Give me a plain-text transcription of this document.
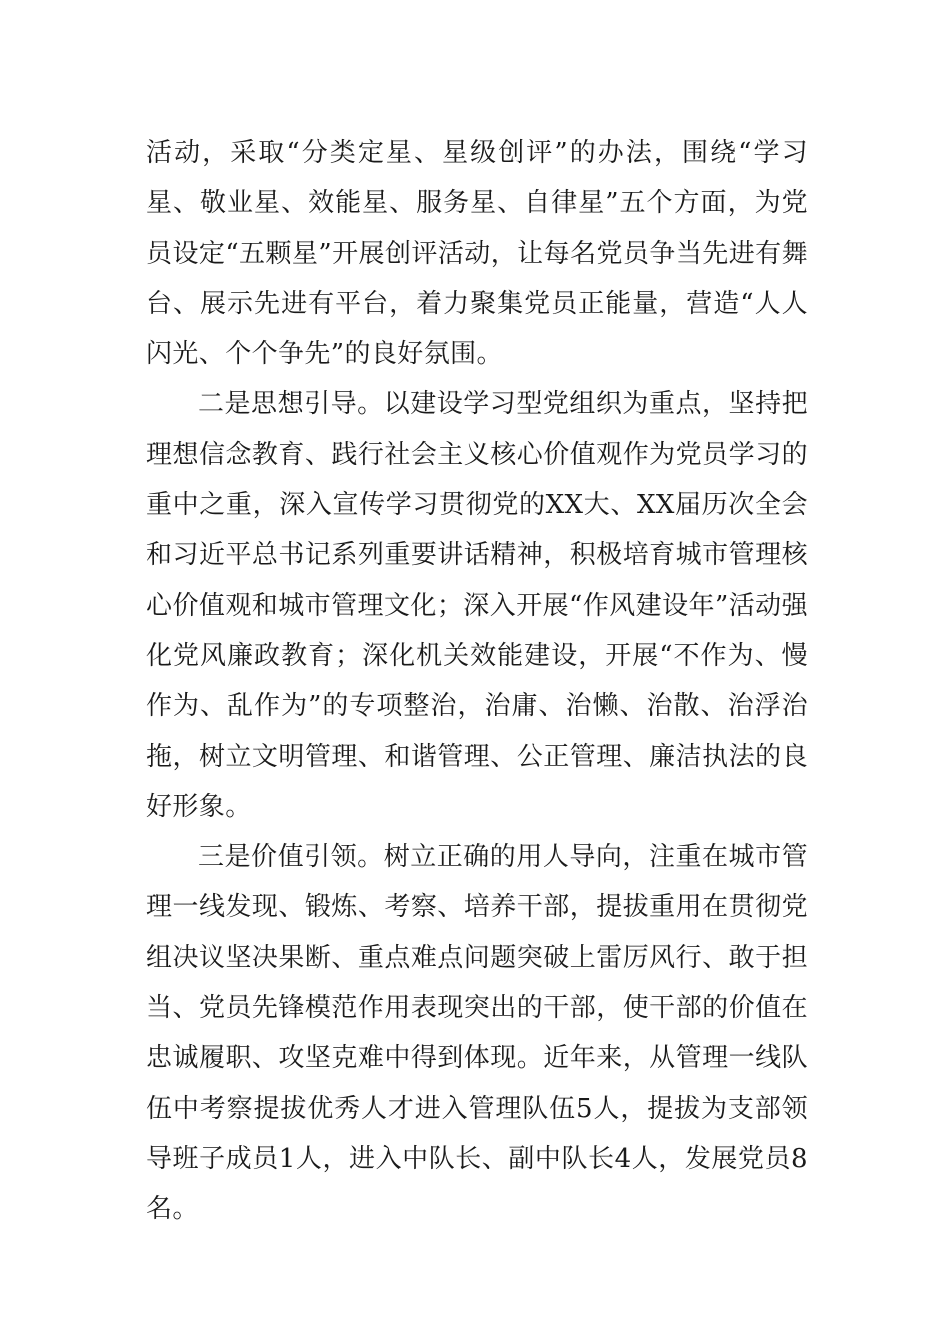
活动，采取“分类定星、星级创评”的办法，围绕“学习星、敬业星、效能星、服务星、自律星”五个方面，为党员设定“五颗星”开展创评活动，让每名党员争当先进有舞台、展示先进有平台，着力聚集党员正能量，营造“人人闪光、个个争先”的良好氛围。

二是思想引导。以建设学习型党组织为重点，坚持把理想信念教育、践行社会主义核心价值观作为党员学习的重中之重，深入宣传学习贯彻党的XX大、XX届历次全会和习近平总书记系列重要讲话精神，积极培育城市管理核心价值观和城市管理文化；深入开展“作风建设年”活动强化党风廉政教育；深化机关效能建设，开展“不作为、慢作为、乱作为”的专项整治，治庸、治懒、治散、治浮治拖，树立文明管理、和谐管理、公正管理、廉洁执法的良好形象。

三是价值引领。树立正确的用人导向，注重在城市管理一线发现、锻炼、考察、培养干部，提拔重用在贯彻党组决议坚决果断、重点难点问题突破上雷厉风行、敢于担当、党员先锋模范作用表现突出的干部，使干部的价值在忠诚履职、攻坚克难中得到体现。近年来，从管理一线队伍中考察提拔优秀人才进入管理队伍5人，提拔为支部领导班子成员1人，进入中队长、副中队长4人，发展党员8名。
